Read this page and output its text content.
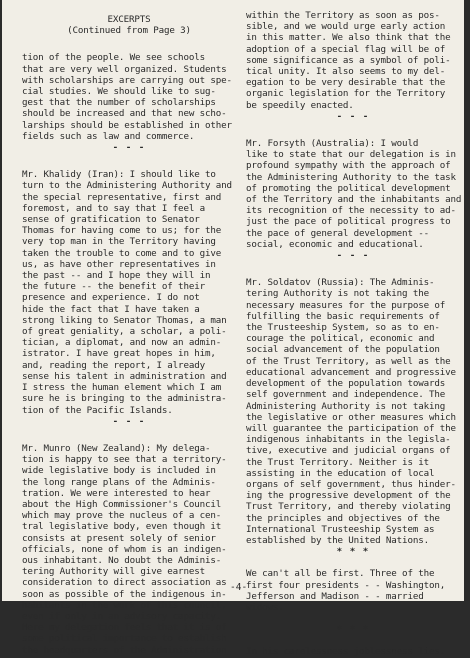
EXCERPTS
(Continued from Page 3)
tion of the people. We see schools
that are very well organized. Students
with scholarships are carrying out spe-
cial studies. We should like to sug-
gest that the number of scholarships
should be increased and that new scho-
larships should be established in other
fields such as law and commerce.
- - -
Mr. Khalidy (Iran): I should like to
turn to the Administering Authority and
the special representative, first and
foremost, and to say that I feel a
sense of gratification to Senator
Thomas for having come to us; for the
very top man in the Territory having
taken the trouble to come and to give
us, as have other representatives in
the past -- and I hope they will in
the future -- the benefit of their
presence and experience. I do not
hide the fact that I have taken a
strong liking to Senator Thomas, a man
of great geniality, a scholar, a poli-
tician, a diplomat, and now an admin-
istrator. I have great hopes in him,
and, reading the report, I already
sense his talent in administration and
I stress the human element which I am
sure he is bringing to the administra-
tion of the Pacific Islands.
- - -
Mr. Munro (New Zealand): My delega-
tion is happy to see that a territory-
wide legislative body is included in
the long range plans of the Adminis-
tration. We were interested to hear
about the High Commissioner's Council
which may prove the nucleus of a cen-
tral legislative body, even though it
consists at present solely of senior
officials, none of whom is an indigen-
ous inhabitant. No doubt the Adminis-
tering Authority will give earnest
consideration to direct association as
soon as possible of the indigenous in-
habitants in the work of this council,
even if only in an advisory capacity.
Here my delegation feels that it is of
some political importance to establish
the headquarters of the Administration
within the Territory as soon as pos-
sible, and we would urge early action
in this matter. We also think that the
adoption of a special flag will be of
some significance as a symbol of poli-
tical unity. It also seems to my del-
egation to be very desirable that the
organic legislation for the Territory
be speedily enacted.
- - -
Mr. Forsyth (Australia): I would
like to state that our delegation is in
profound sympathy with the approach of
the Administering Authority to the task
of promoting the political development
of the Territory and the inhabitants and
its recognition of the necessity to ad-
just the pace of political progress to
the pace of general development --
social, economic and educational.
- - -
Mr. Soldatov (Russia): The Adminis-
tering Authority is not taking the
necessary measures for the purpose of
fulfilling the basic requirements of
the Trusteeship System, so as to en-
courage the political, economic and
social advancement of the population
of the Trust Territory, as well as the
educational advancement and progressive
development of the population towards
self government and independence. The
Administering Authority is not taking
the legislative or other measures which
will guarantee the participation of the
indigenous inhabitants in the legisla-
tive, executive and judicial organs of
the Trust Territory. Neither is it
assisting in the education of local
organs of self government, thus hinder-
ing the progressive development of the
Trust Territory, and thereby violating
the principles and objectives of the
International Trusteeship System as
established by the United Nations.
* * *
We can't all be first. Three of the
first four presidents - - Washington,
Jefferson and Madison - - married
widows.
* * *
In his carelessness joblessness lies.
-4-
